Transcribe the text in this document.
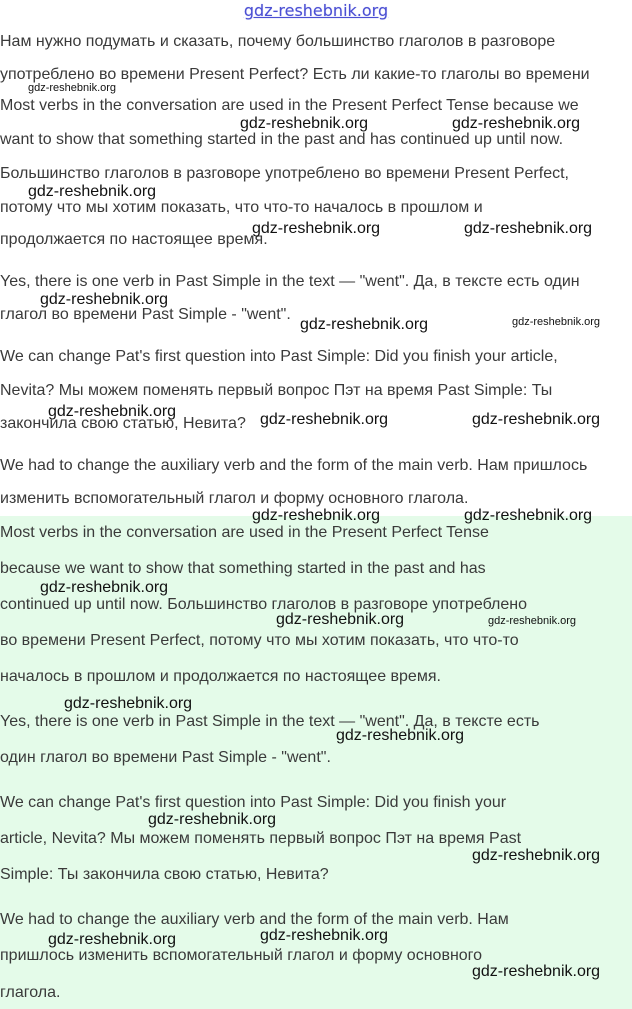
gdz-reshebnik.org
Нам нужно подумать и сказать, почему большинство глаголов в разговоре
употреблено во времени Present Perfect? Есть ли какие-то глаголы во времени
Most verbs in the conversation are used in the Present Perfect Tense because we
want to show that something started in the past and has continued up until now.
Большинство глаголов в разговоре употреблено во времени Present Perfect,
потому что мы хотим показать, что что-то началось в прошлом и
продолжается по настоящее время.
Yes, there is one verb in Past Simple in the text — "went". Да, в тексте есть один
глагол во времени Past Simple - "went".
We can change Pat's first question into Past Simple: Did you finish your article,
Nevita? Мы можем поменять первый вопрос Пэт на время Past Simple: Ты
закончила свою статью, Невита?
We had to change the auxiliary verb and the form of the main verb. Нам пришлось
изменить вспомогательный глагол и форму основного глагола.
Most verbs in the conversation are used in the Present Perfect Tense
because we want to show that something started in the past and has
continued up until now. Большинство глаголов в разговоре употреблено
во времени Present Perfect, потому что мы хотим показать, что что-то
началось в прошлом и продолжается по настоящее время.
Yes, there is one verb in Past Simple in the text — "went". Да, в тексте есть
один глагол во времени Past Simple - "went".
We can change Pat's first question into Past Simple: Did you finish your
article, Nevita? Мы можем поменять первый вопрос Пэт на время Past
Simple: Ты закончила свою статью, Невита?
We had to change the auxiliary verb and the form of the main verb. Нам
пришлось изменить вспомогательный глагол и форму основного
глагола.
gdz-reshebnik.org
gdz-reshebnik.org	gdz-reshebnik.org
gdz-reshebnik.org
gdz-reshebnik.org	gdz-reshebnik.org
gdz-reshebnik.org
gdz-reshebnik.org	gdz-reshebnik.org
gdz-reshebnik.org	gdz-reshebnik.org	gdz-reshebnik.org
gdz-reshebnik.org	gdz-reshebnik.org
gdz-reshebnik.org
gdz-reshebnik.org	gdz-reshebnik.org
gdz-reshebnik.org
gdz-reshebnik.org
gdz-reshebnik.org
gdz-reshebnik.org
gdz-reshebnik.org	gdz-reshebnik.org
gdz-reshebnik.org
